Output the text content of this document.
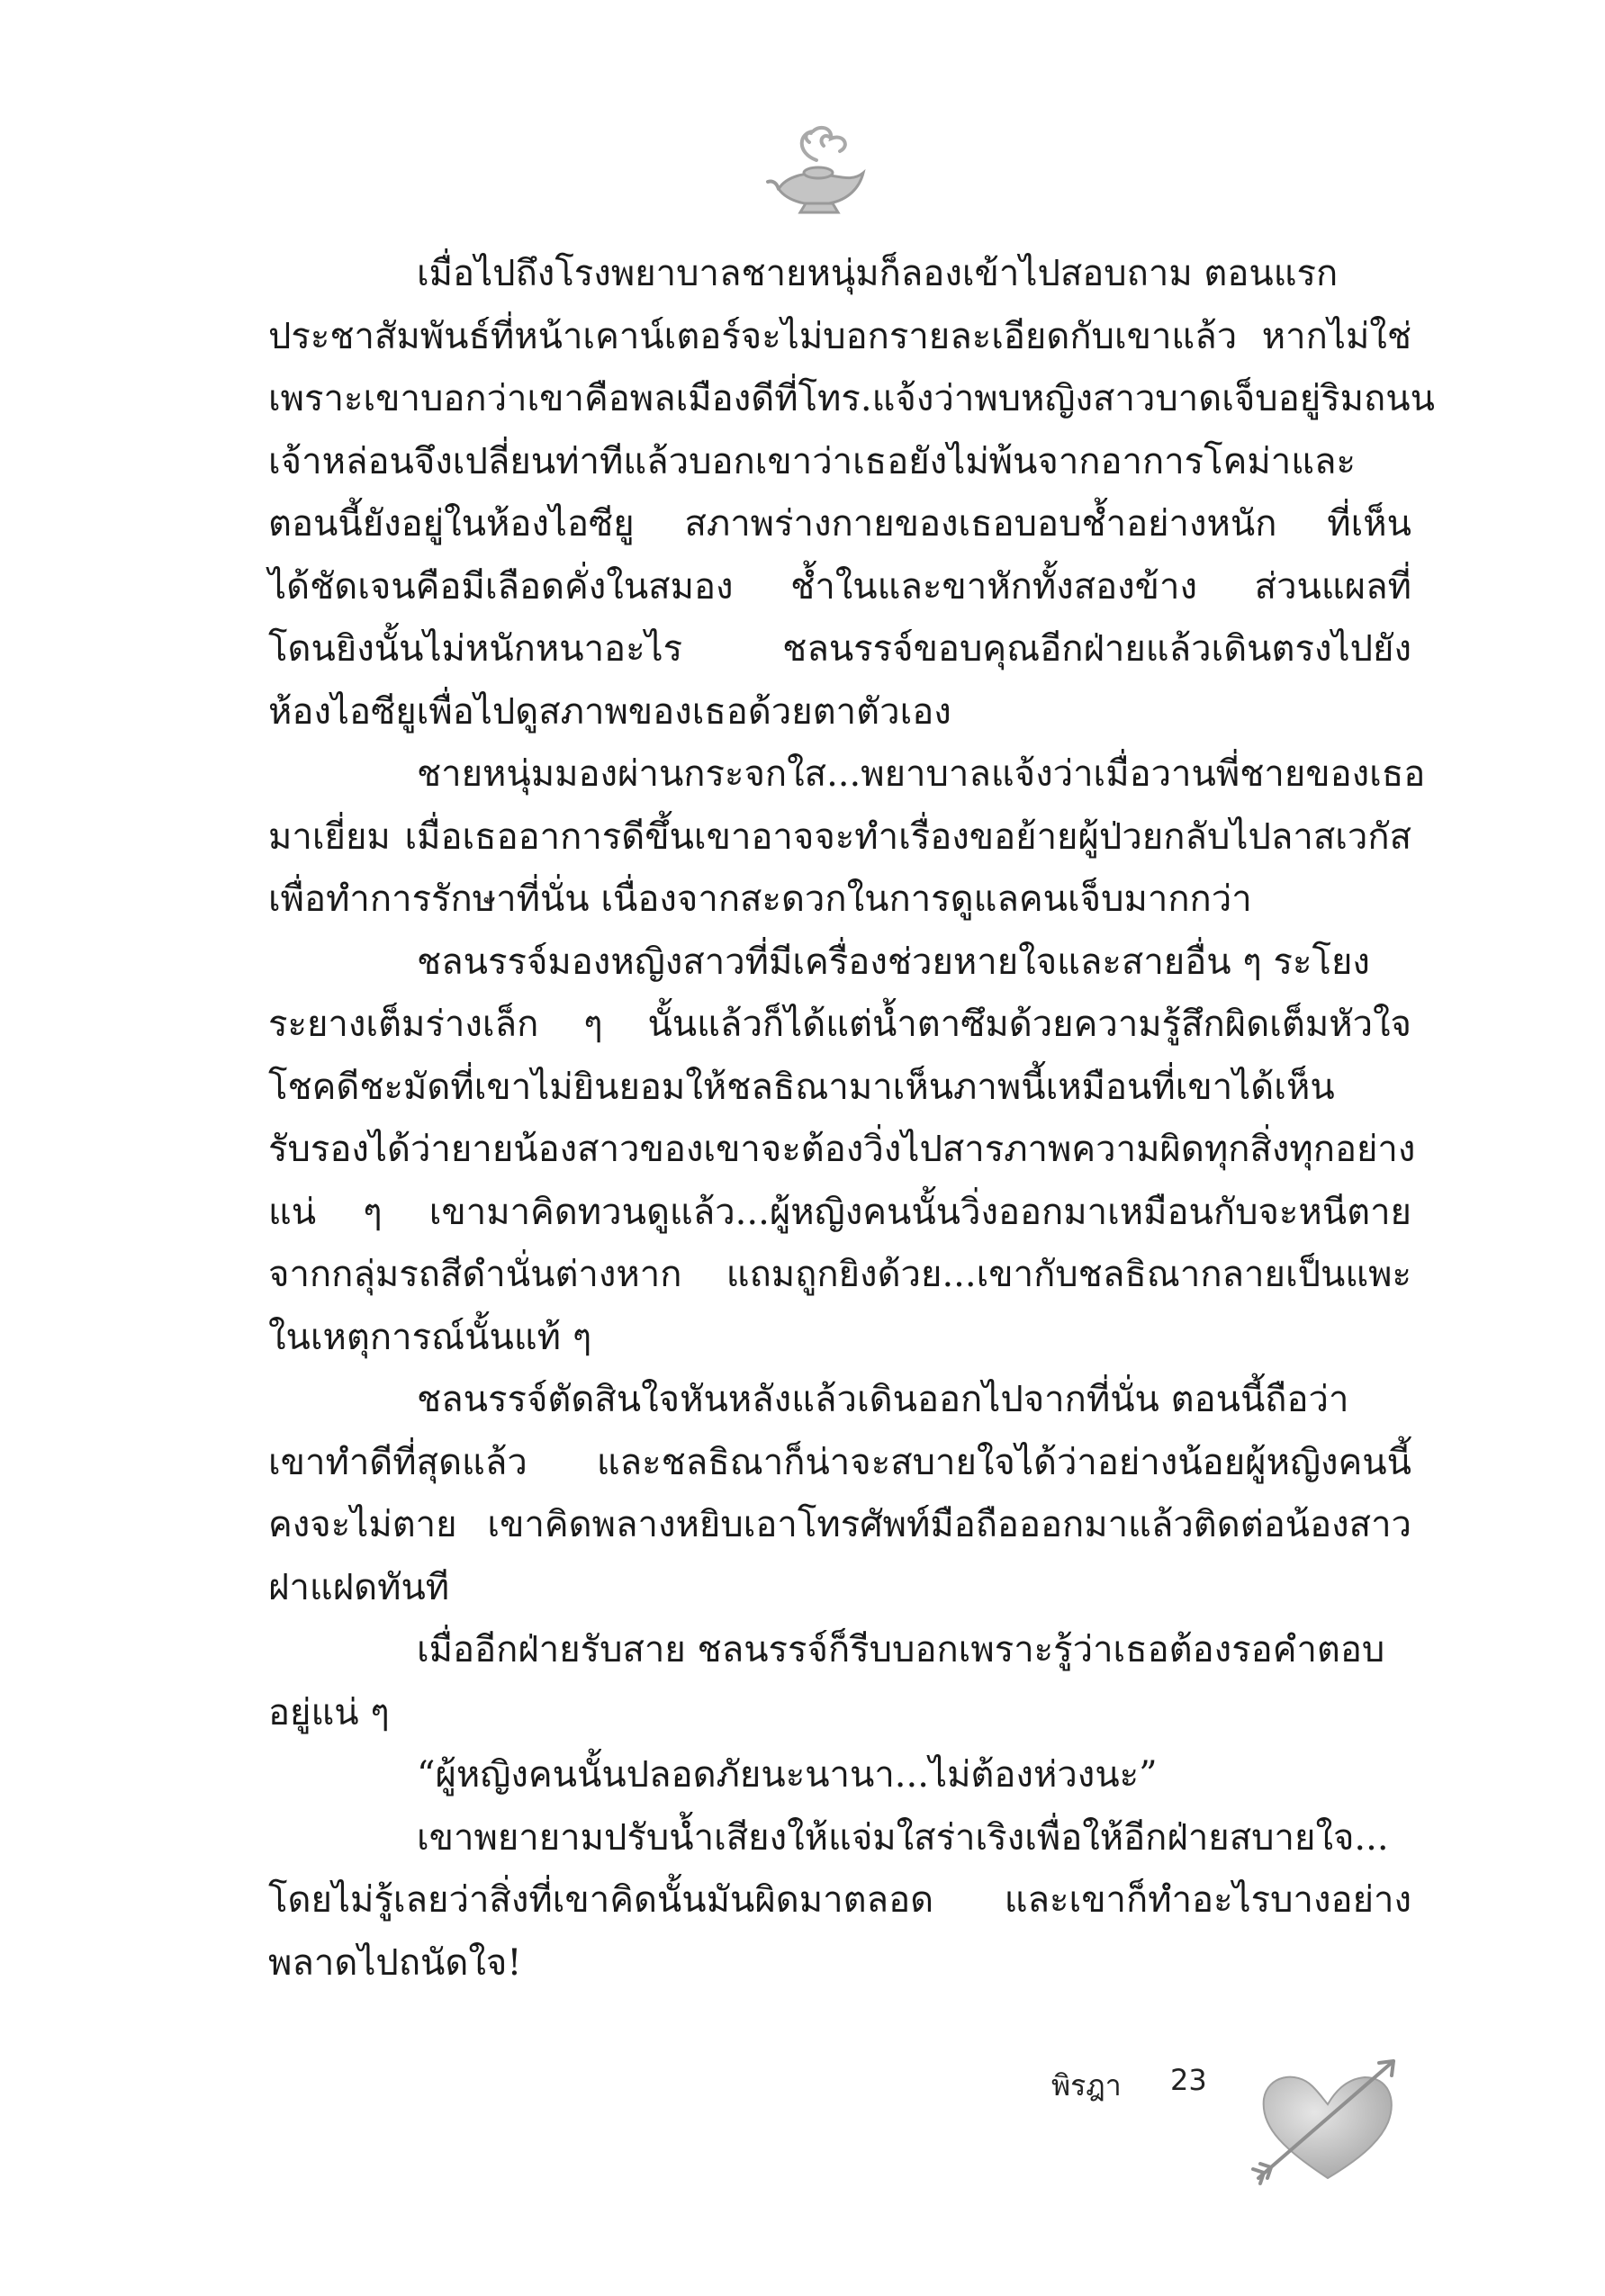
เมื่อไปถึงโรงพยาบาลชายหนุ่มก็ลองเข้าไปสอบถาม ตอนแรก
ประชาสัมพันธ์ที่หน้าเคาน์เตอร์จะไม่บอกรายละเอียดกับเขาแล้ว หากไม่ใช่
เพราะเขาบอกว่าเขาคือพลเมืองดีที่โทร.แจ้งว่าพบหญิงสาวบาดเจ็บอยู่ริมถนน
เจ้าหล่อนจึงเปลี่ยนท่าทีแล้วบอกเขาว่าเธอยังไม่พ้นจากอาการโคม่าและ
ตอนนี้ยังอยู่ในห้องไอซียู สภาพร่างกายของเธอบอบช้ำอย่างหนัก ที่เห็น
ได้ชัดเจนคือมีเลือดคั่งในสมอง ช้ำในและขาหักทั้งสองข้าง ส่วนแผลที่
โดนยิงนั้นไม่หนักหนาอะไร ชลนรรจ์ขอบคุณอีกฝ่ายแล้วเดินตรงไปยัง
ห้องไอซียูเพื่อไปดูสภาพของเธอด้วยตาตัวเอง
ชายหนุ่มมองผ่านกระจกใส...พยาบาลแจ้งว่าเมื่อวานพี่ชายของเธอ
มาเยี่ยม เมื่อเธออาการดีขึ้นเขาอาจจะทำเรื่องขอย้ายผู้ป่วยกลับไปลาสเวกัส
เพื่อทำการรักษาที่นั่น เนื่องจากสะดวกในการดูแลคนเจ็บมากกว่า
ชลนรรจ์มองหญิงสาวที่มีเครื่องช่วยหายใจและสายอื่น ๆ ระโยง
ระยางเต็มร่างเล็ก ๆ นั้นแล้วก็ได้แต่น้ำตาซึมด้วยความรู้สึกผิดเต็มหัวใจ
โชคดีชะมัดที่เขาไม่ยินยอมให้ชลธิณามาเห็นภาพนี้เหมือนที่เขาได้เห็น
รับรองได้ว่ายายน้องสาวของเขาจะต้องวิ่งไปสารภาพความผิดทุกสิ่งทุกอย่าง
แน่ ๆ เขามาคิดทวนดูแล้ว...ผู้หญิงคนนั้นวิ่งออกมาเหมือนกับจะหนีตาย
จากกลุ่มรถสีดำนั่นต่างหาก แถมถูกยิงด้วย...เขากับชลธิณากลายเป็นแพะ
ในเหตุการณ์นั้นแท้ ๆ
ชลนรรจ์ตัดสินใจหันหลังแล้วเดินออกไปจากที่นั่น ตอนนี้ถือว่า
เขาทำดีที่สุดแล้ว และชลธิณาก็น่าจะสบายใจได้ว่าอย่างน้อยผู้หญิงคนนี้
คงจะไม่ตาย เขาคิดพลางหยิบเอาโทรศัพท์มือถือออกมาแล้วติดต่อน้องสาว
ฝาแฝดทันที
เมื่ออีกฝ่ายรับสาย ชลนรรจ์ก็รีบบอกเพราะรู้ว่าเธอต้องรอคำตอบ
อยู่แน่ ๆ
“ผู้หญิงคนนั้นปลอดภัยนะนานา...ไม่ต้องห่วงนะ”
เขาพยายามปรับน้ำเสียงให้แจ่มใสร่าเริงเพื่อให้อีกฝ่ายสบายใจ...
โดยไม่รู้เลยว่าสิ่งที่เขาคิดนั้นมันผิดมาตลอด และเขาก็ทำอะไรบางอย่าง
พลาดไปถนัดใจ!
พิรฎา 23
